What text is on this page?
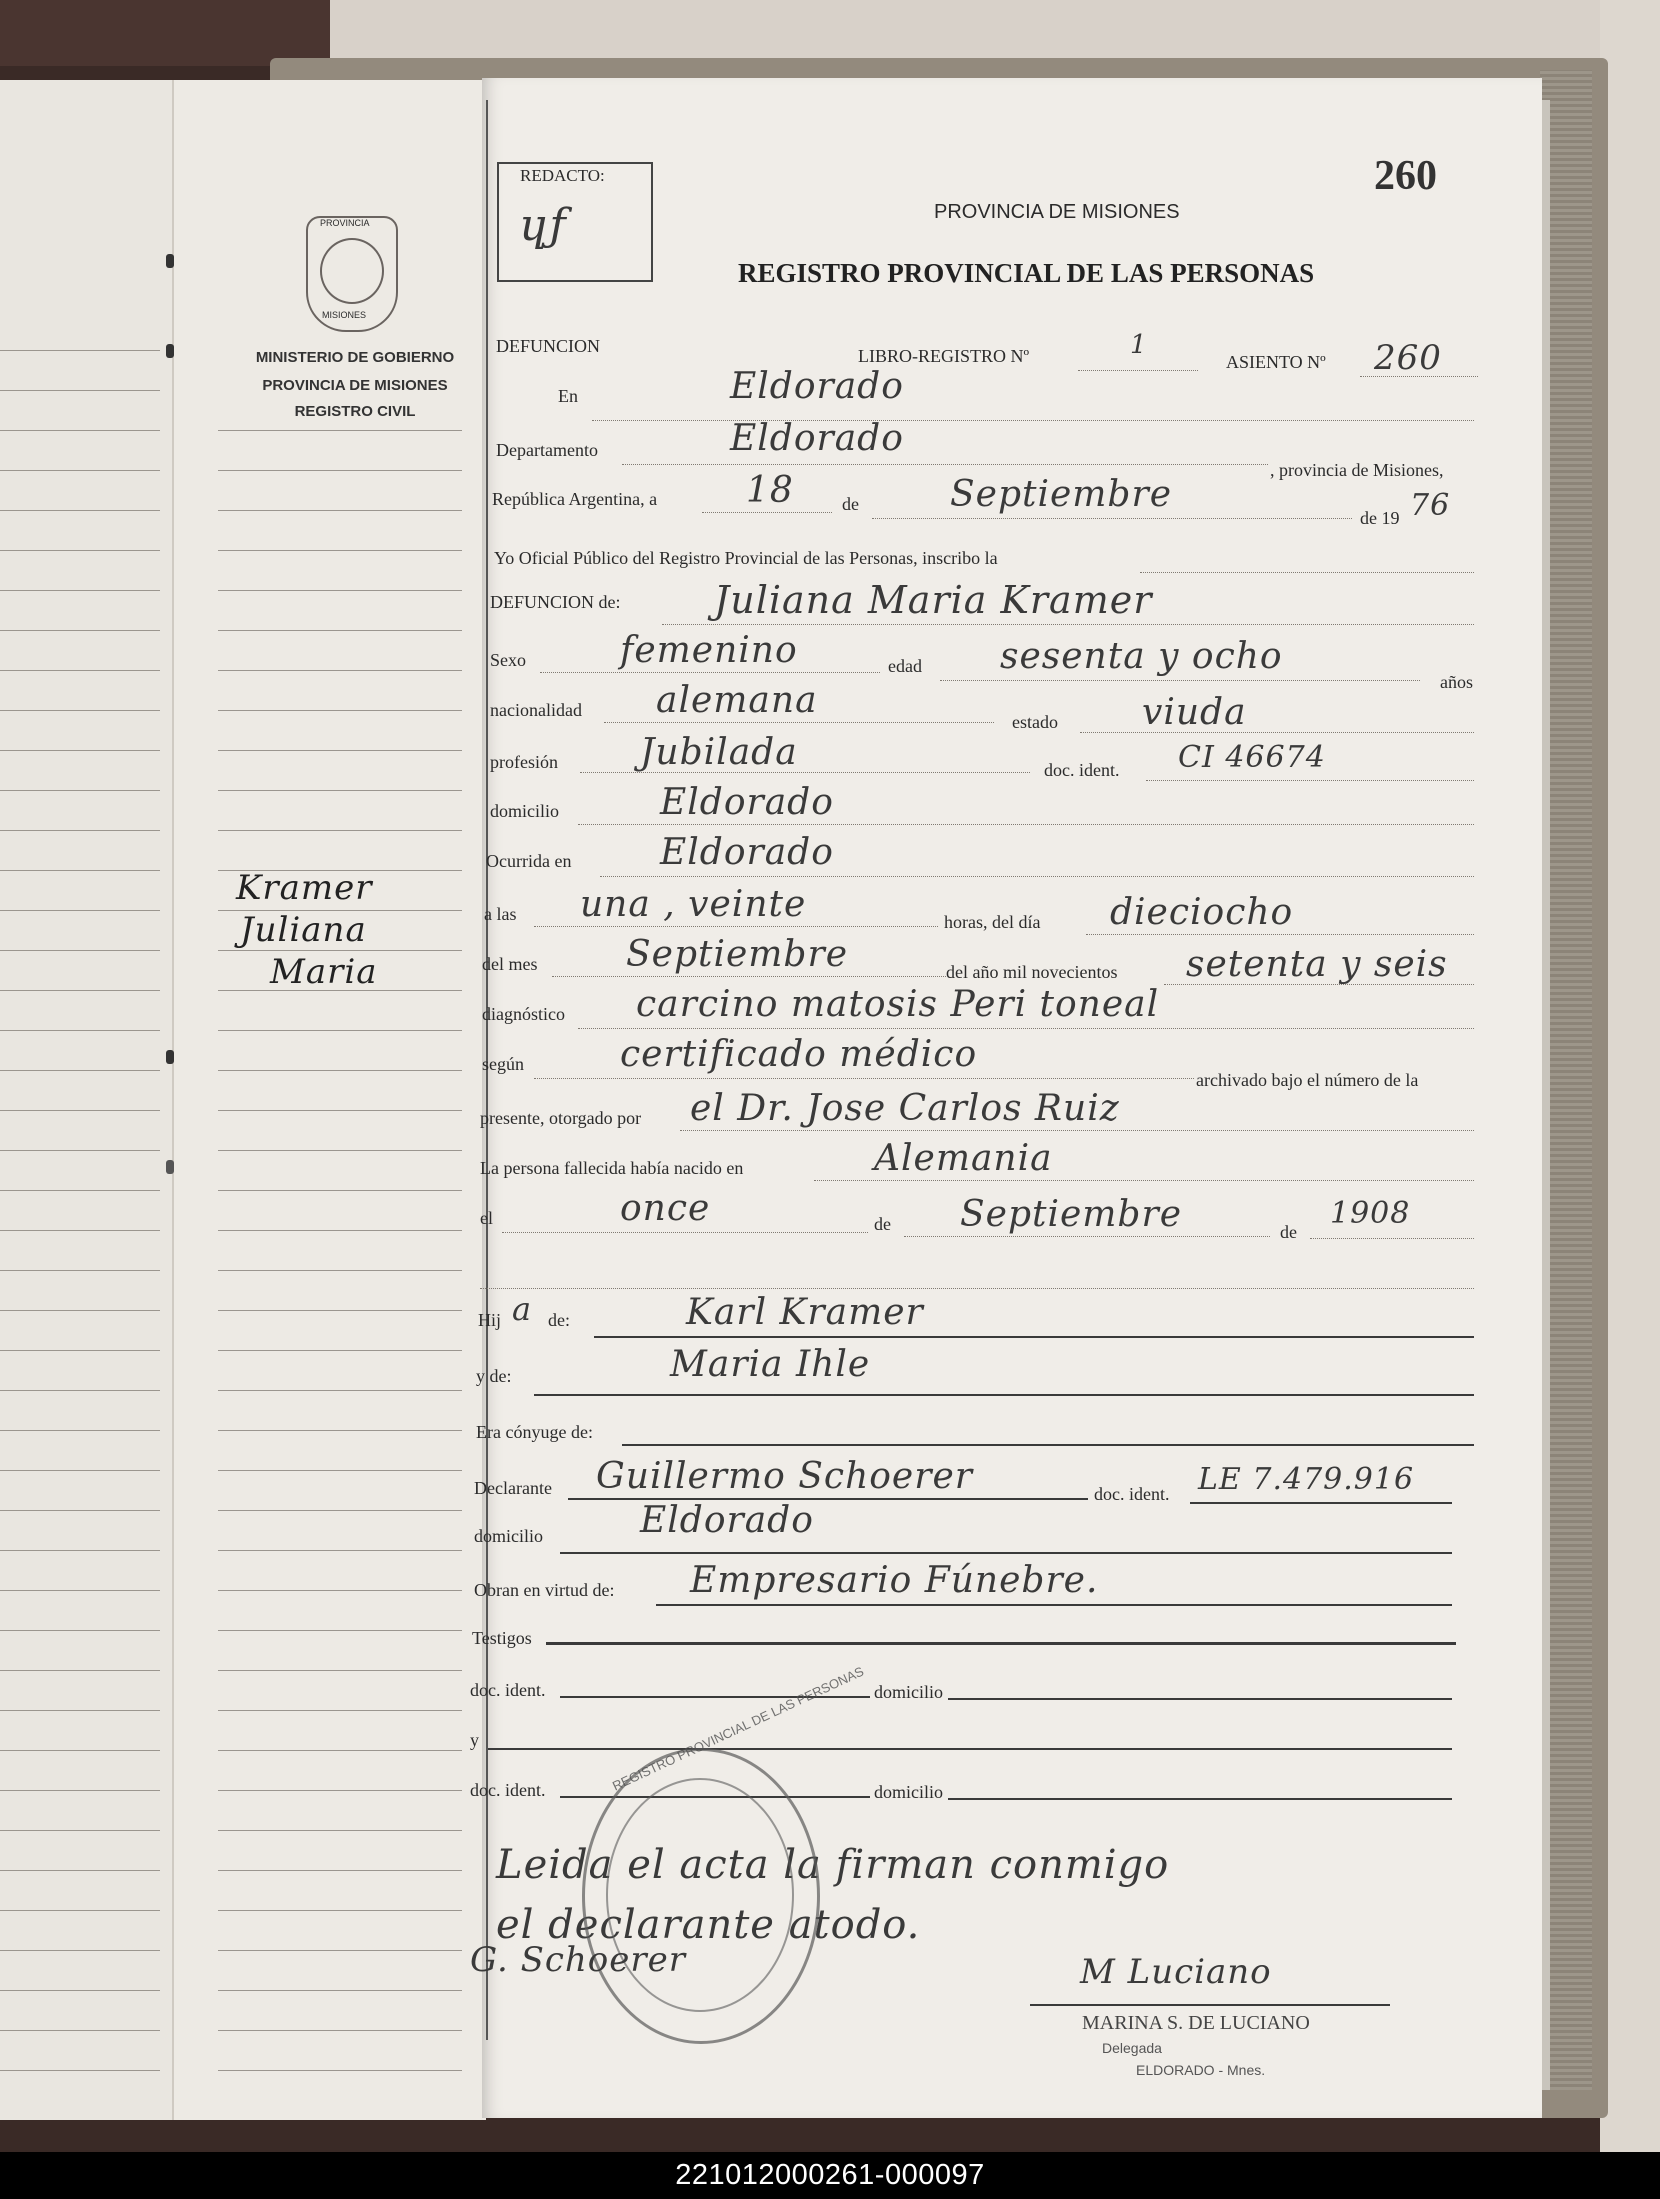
PROVINCIA
MISIONES
MINISTERIO DE GOBIERNO
PROVINCIA DE MISIONES
REGISTRO CIVIL
Kramer
Juliana
Maria
REDACTO:
ɥƒ
260
PROVINCIA DE MISIONES
REGISTRO PROVINCIAL DE LAS PERSONAS
DEFUNCION	LIBRO-REGISTRO Nº	1
ASIENTO Nº 260
En	Eldorado
Departamento	Eldorado
, provincia de Misiones,
República Argentina, a 18	de	Septiembre
de 19 76
Yo Oficial Público del Registro Provincial de las Personas, inscribo la
DEFUNCION de: Juliana Maria Kramer
Sexo	femenino	edad sesenta y ocho
años
nacionalidad alemana
estado viuda
profesión Jubilada	doc. ident. CI 46674
domicilio	Eldorado
Ocurrida en Eldorado
a las una , veinte	horas, del día dieciocho
del mes Septiembre	del año mil novecientos setenta y seis
diagnóstico carcino matosis Peri toneal
según	certificado médico
archivado bajo el número de la
presente, otorgado por el Dr. Jose Carlos Ruiz
La persona fallecida había nacido en	Alemania
el	once	de Septiembre	de
1908
Hij a de:	Karl Kramer
y de:	Maria Ihle
Era cónyuge de:
Declarante Guillermo Schoerer	doc. ident. LE 7.479.916
domicilio	Eldorado
Obran en virtud de: Empresario Fúnebre.
Testigos
doc. ident.	domicilio
y
doc. ident.	domicilio
Leida el acta la firman conmigo
el declarante atodo.
REGISTRO PROVINCIAL DE LAS PERSONAS
G. Schoerer	M Luciano
MARINA S. DE LUCIANO
Delegada
ELDORADO - Mnes.
221012000261-000097
